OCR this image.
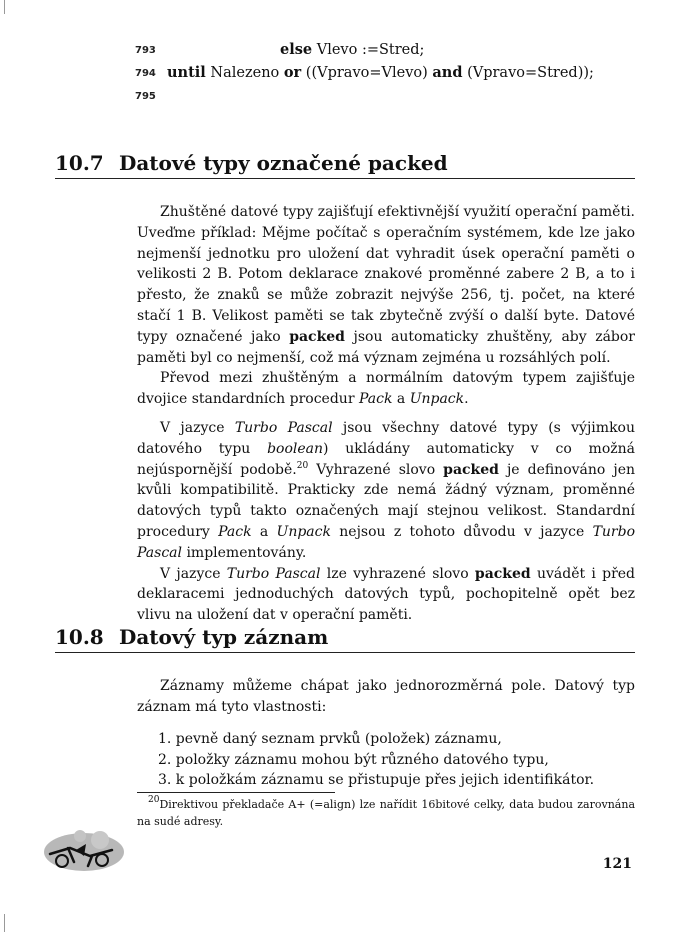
793	else Vlevo :=Stred;
794 until Nalezeno or ((Vpravo=Vlevo) and (Vpravo=Stred));
795
10.7 Datové typy označené packed

Zhuštěné datové typy zajišťují efektivnější využití operační paměti. Uveďme příklad: Mějme počítač s operačním systémem, kde lze jako nejmenší jednotku pro uložení dat vyhradit úsek operační paměti o velikosti 2 B. Potom deklarace znakové proměnné zabere 2 B, a to i přesto, že znaků se může zobrazit nejvýše 256, tj. počet, na které stačí 1 B. Velikost paměti se tak zbytečně zvýší o další byte. Datové typy označené jako packed jsou automaticky zhuštěny, aby zábor paměti byl co nejmenší, což má význam zejména u rozsáhlých polí.

Převod mezi zhuštěným a normálním datovým typem zajišťuje dvojice standardních procedur Pack a Unpack.

V jazyce Turbo Pascal jsou všechny datové typy (s výjimkou datového typu boolean) ukládány automaticky v co možná nejúspornější podobě.$^{20}$ Vyhrazené slovo packed je definováno jen kvůli kompatibilitě. Prakticky zde nemá žádný význam, proměnné datových typů takto označených mají stejnou velikost. Standardní procedury Pack a Unpack nejsou z tohoto důvodu v jazyce Turbo Pascal implementovány.

V jazyce Turbo Pascal lze vyhrazené slovo packed uvádět i před deklaracemi jednoduchých datových typů, pochopitelně opět bez vlivu na uložení dat v operační paměti.

10.8 Datový typ záznam

Záznamy můžeme chápat jako jednorozměrná pole. Datový typ záznam má tyto vlastnosti:

1. pevně daný seznam prvků (položek) záznamu,
2. položky záznamu mohou být různého datového typu,
3. k položkám záznamu se přistupuje přes jejich identifikátor.

$^{20}$Direktivou překladače A+ (=align) lze nařídit 16bitové celky, data budou zarovnána na sudé adresy.

121
